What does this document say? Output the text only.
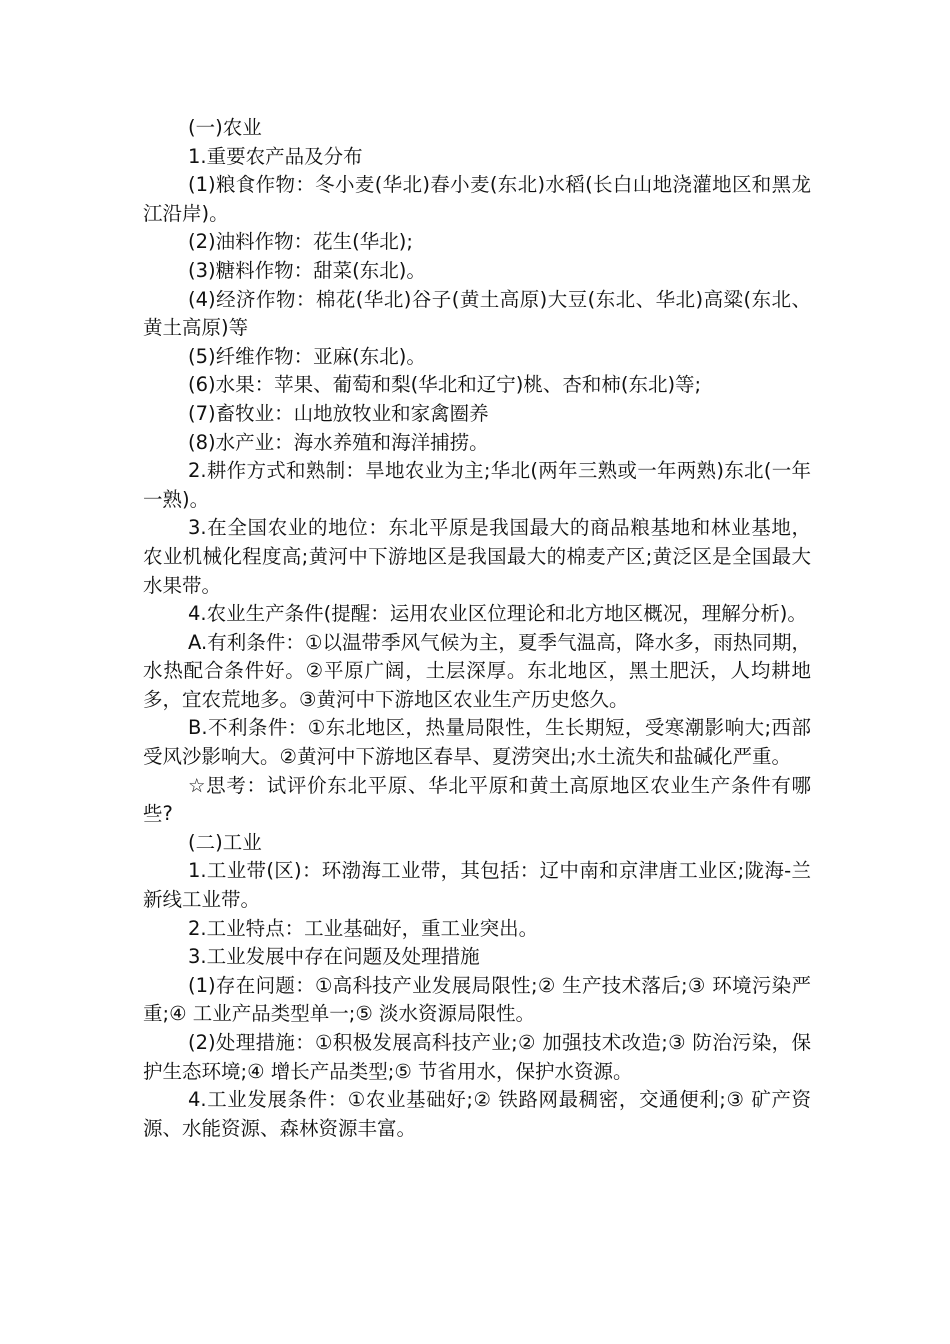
(一)农业

1.重要农产品及分布

(1)粮食作物：冬小麦(华北)春小麦(东北)水稻(长白山地浇灌地区和黑龙江沿岸)。

(2)油料作物：花生(华北);

(3)糖料作物：甜菜(东北)。

(4)经济作物：棉花(华北)谷子(黄土高原)大豆(东北、华北)高粱(东北、黄土高原)等

(5)纤维作物：亚麻(东北)。

(6)水果：苹果、葡萄和梨(华北和辽宁)桃、杏和柿(东北)等;

(7)畜牧业：山地放牧业和家禽圈养

(8)水产业：海水养殖和海洋捕捞。

2.耕作方式和熟制：旱地农业为主;华北(两年三熟或一年两熟)东北(一年一熟)。

3.在全国农业的地位：东北平原是我国最大的商品粮基地和林业基地，农业机械化程度高;黄河中下游地区是我国最大的棉麦产区;黄泛区是全国最大水果带。

4.农业生产条件(提醒：运用农业区位理论和北方地区概况，理解分析)。

A.有利条件：①以温带季风气候为主，夏季气温高，降水多，雨热同期，水热配合条件好。②平原广阔，土层深厚。东北地区，黑土肥沃，人均耕地多，宜农荒地多。③黄河中下游地区农业生产历史悠久。

B.不利条件：①东北地区，热量局限性，生长期短，受寒潮影响大;西部受风沙影响大。②黄河中下游地区春旱、夏涝突出;水土流失和盐碱化严重。

☆思考：试评价东北平原、华北平原和黄土高原地区农业生产条件有哪些?

(二)工业

1.工业带(区)：环渤海工业带，其包括：辽中南和京津唐工业区;陇海-兰新线工业带。

2.工业特点：工业基础好，重工业突出。

3.工业发展中存在问题及处理措施

(1)存在问题：①高科技产业发展局限性;② 生产技术落后;③ 环境污染严重;④ 工业产品类型单一;⑤ 淡水资源局限性。

(2)处理措施：①积极发展高科技产业;② 加强技术改造;③ 防治污染，保护生态环境;④ 增长产品类型;⑤ 节省用水，保护水资源。

4.工业发展条件：①农业基础好;② 铁路网最稠密，交通便利;③ 矿产资源、水能资源、森林资源丰富。
